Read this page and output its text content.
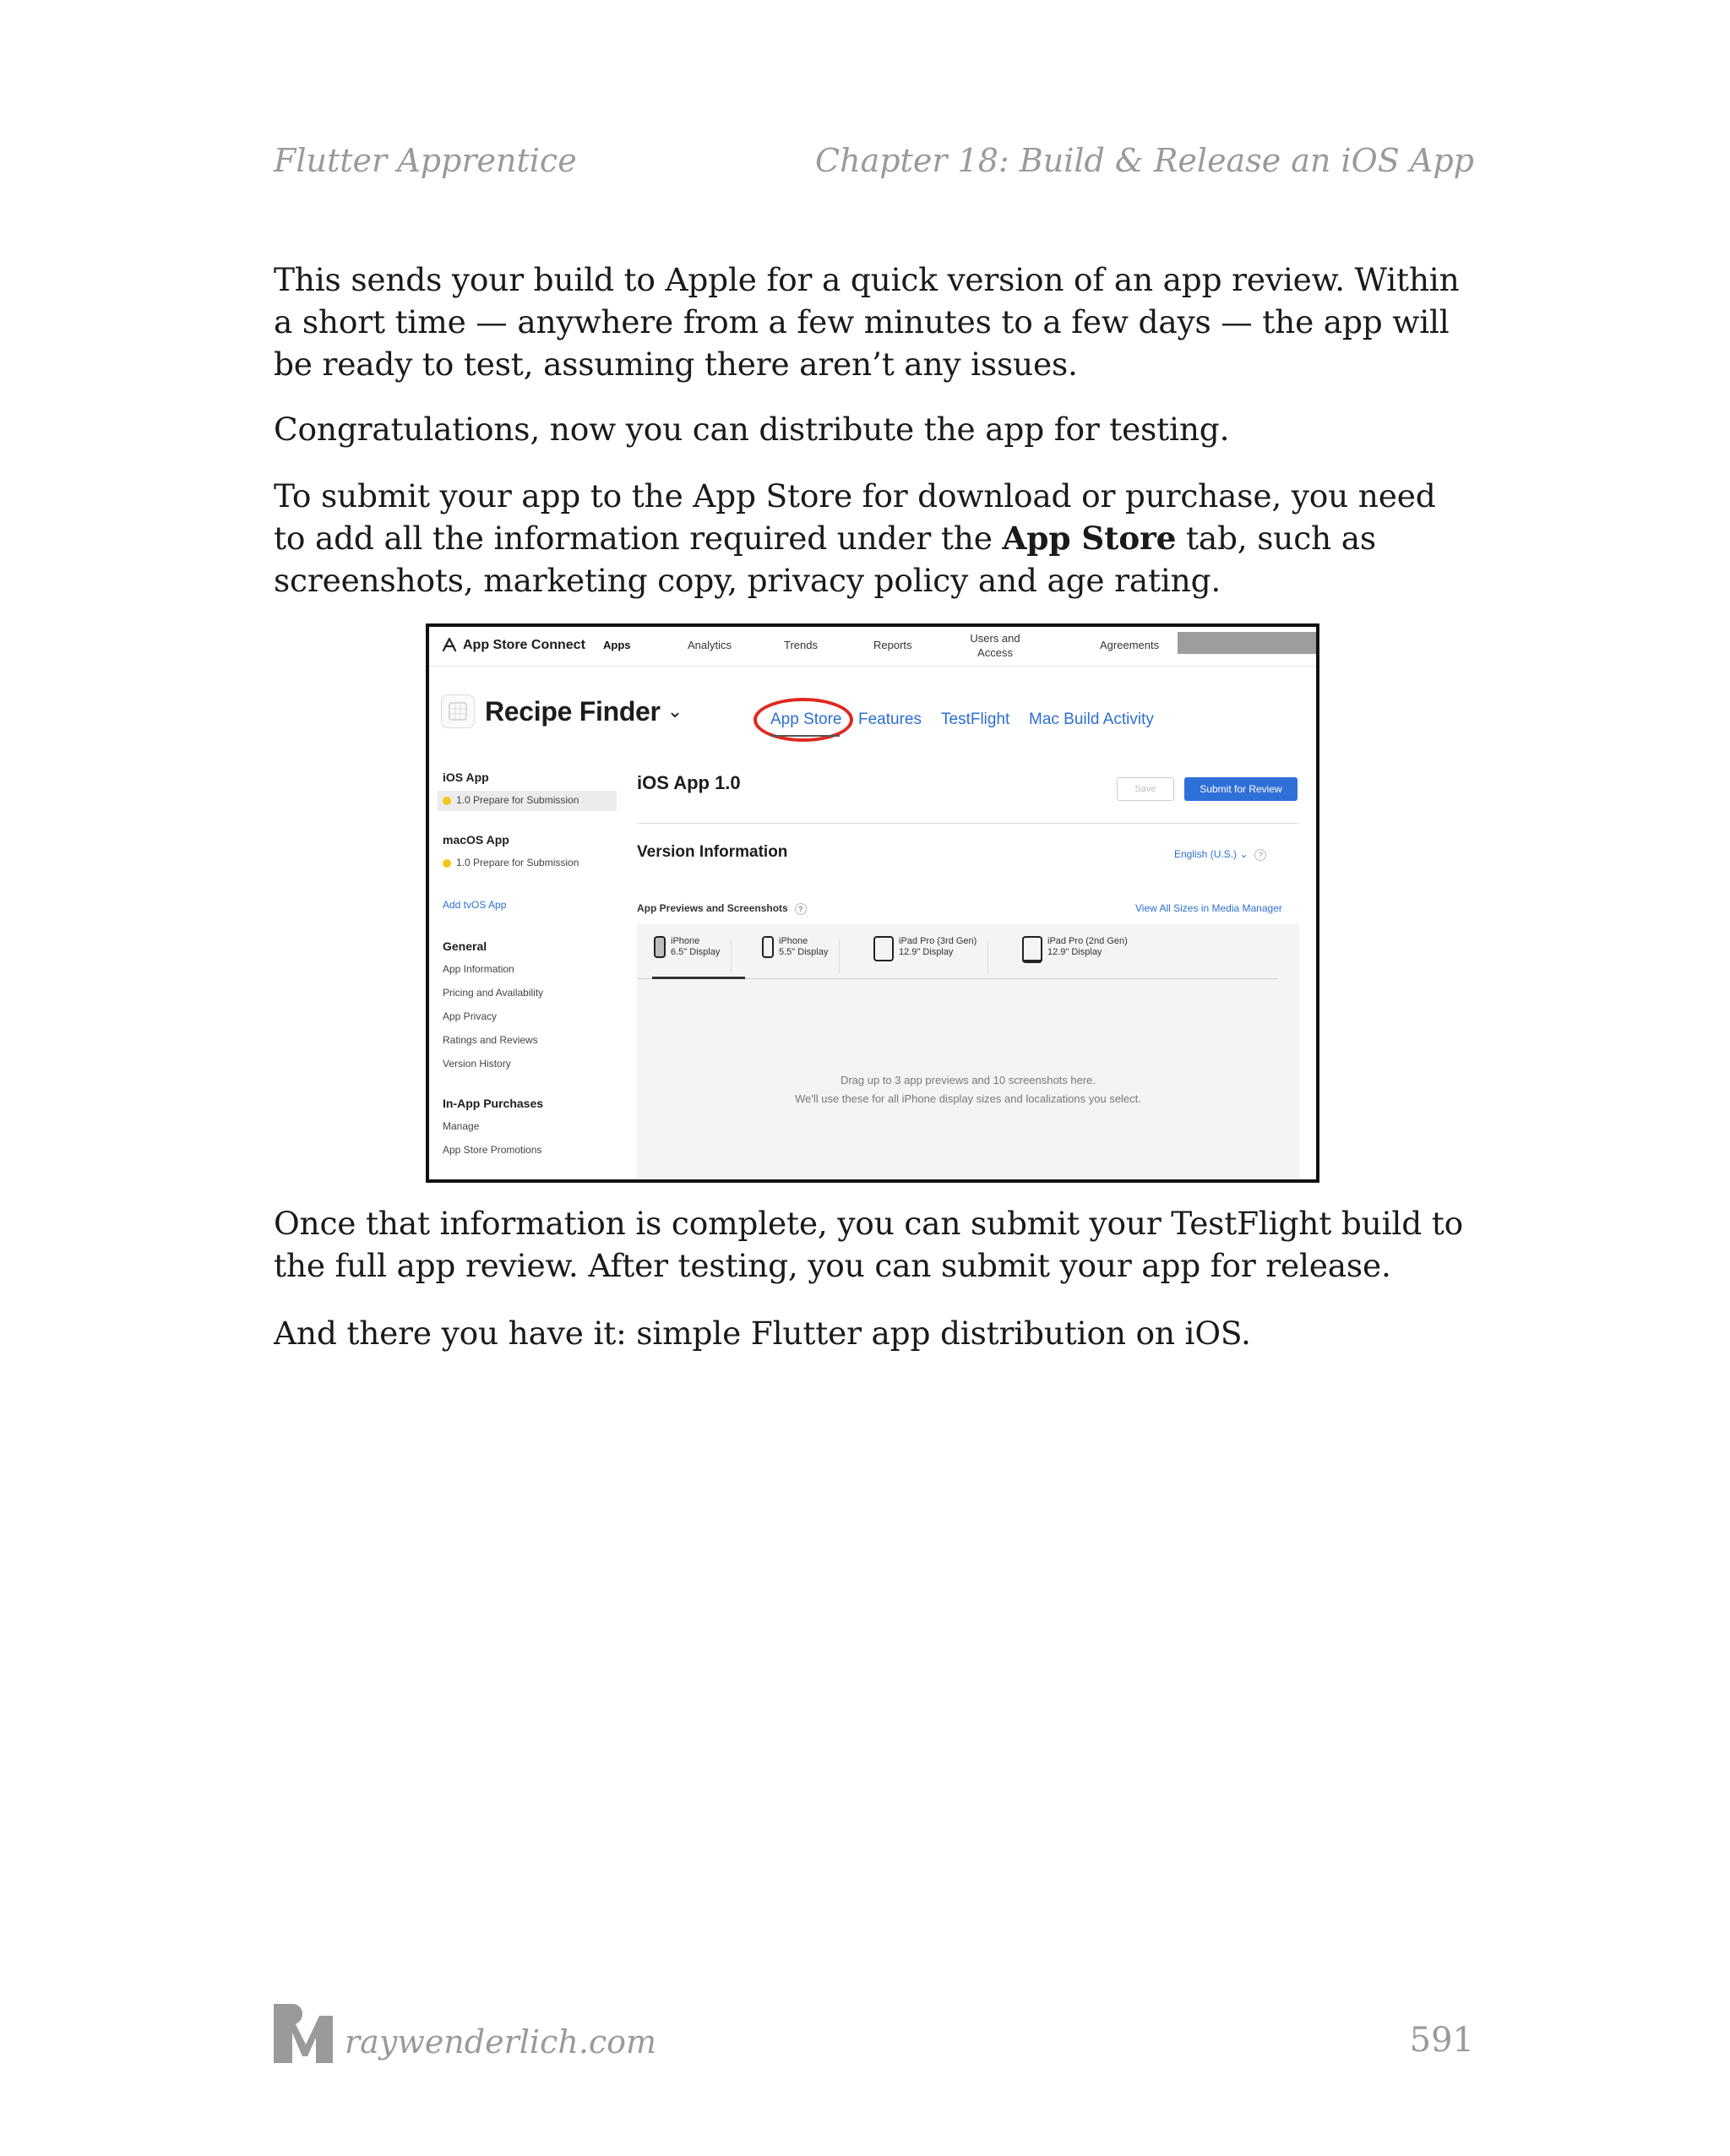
Flutter Apprentice	Chapter 18: Build & Release an iOS App

This sends your build to Apple for a quick version of an app review. Within a short time — anywhere from a few minutes to a few days — the app will be ready to test, assuming there aren’t any issues.

Congratulations, now you can distribute the app for testing.

To submit your app to the App Store for download or purchase, you need to add all the information required under the App Store tab, such as screenshots, marketing copy, privacy policy and age rating.

App Store Connect Apps	Analytics	Trends	Reports
Users and Access
Agreements
Recipe Finder ⌄	App Store Features TestFlight Mac Build Activity
iOS App
1.0 Prepare for Submission
macOS App
1.0 Prepare for Submission
Add tvOS App
General
App Information
Pricing and Availability
App Privacy
Ratings and Reviews
Version History
In-App Purchases
Manage
App Store Promotions
iOS App 1.0	Save	Submit for Review
Version Information	English (U.S.) ⌄ ?
App Previews and Screenshots ?	View All Sizes in Media Manager
iPhone
6.5" Display
iPhone
5.5" Display
iPad Pro (3rd Gen)
12.9" Display
iPad Pro (2nd Gen)
12.9" Display
Drag up to 3 app previews and 10 screenshots here.
We'll use these for all iPhone display sizes and localizations you select.

Once that information is complete, you can submit your TestFlight build to the full app review. After testing, you can submit your app for release.

And there you have it: simple Flutter app distribution on iOS.

raywenderlich.com	591
